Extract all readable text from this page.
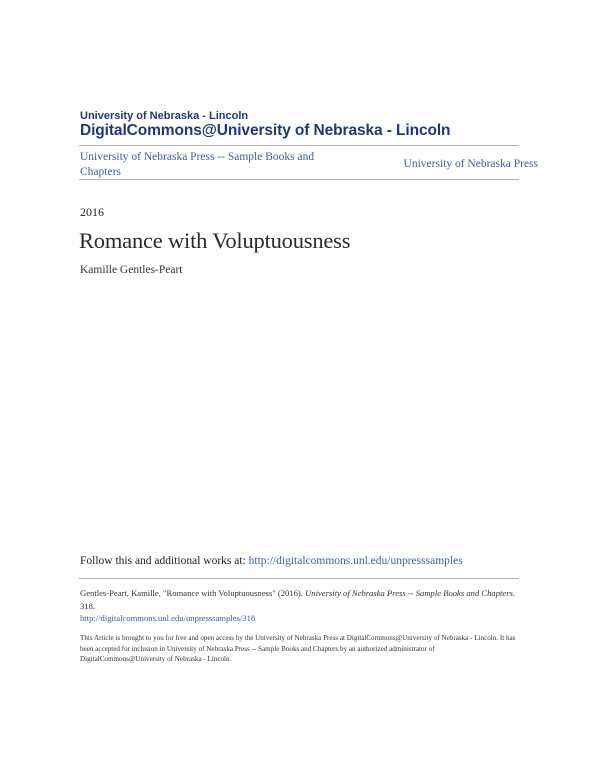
University of Nebraska - Lincoln
DigitalCommons@University of Nebraska - Lincoln
University of Nebraska Press -- Sample Books and Chapters
University of Nebraska Press
2016
Romance with Voluptuousness
Kamille Gentles-Peart
Follow this and additional works at: http://digitalcommons.unl.edu/unpresssamples
Gentles-Peart, Kamille, "Romance with Voluptuousness" (2016). University of Nebraska Press -- Sample Books and Chapters. 318.
http://digitalcommons.unl.edu/unpresssamples/318
This Article is brought to you for free and open access by the University of Nebraska Press at DigitalCommons@University of Nebraska - Lincoln. It has been accepted for inclusion in University of Nebraska Press -- Sample Books and Chapters by an authorized administrator of DigitalCommons@University of Nebraska - Lincoln.
